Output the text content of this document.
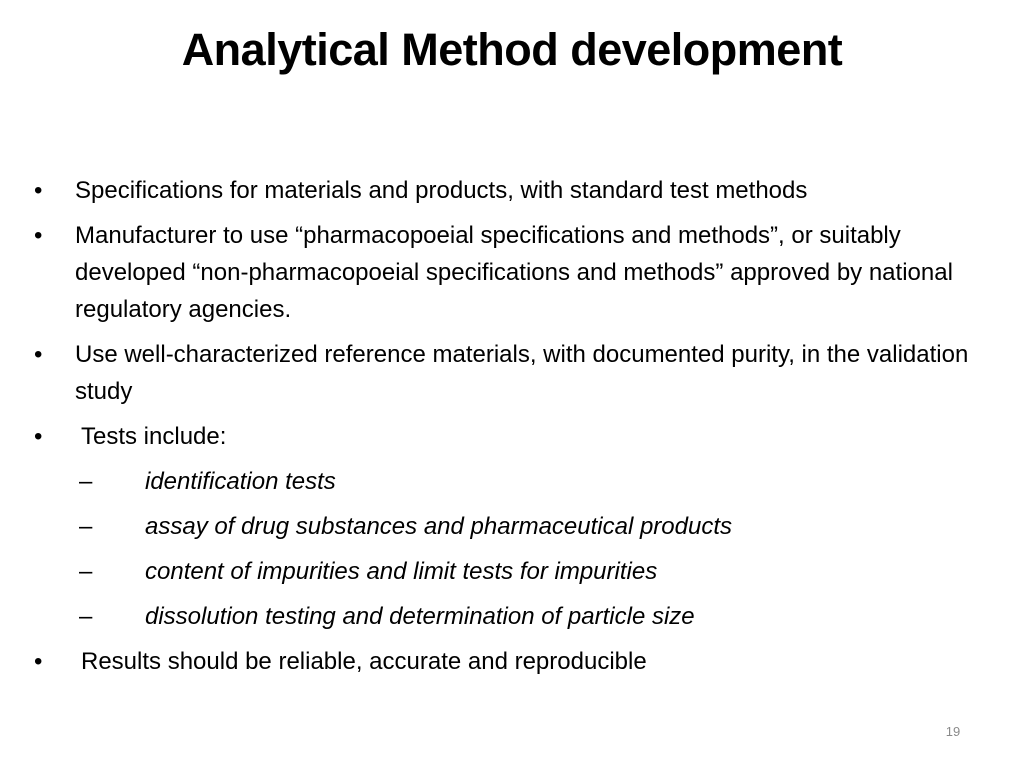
Analytical Method development
•	Specifications for materials and products, with standard test methods
•	Manufacturer to use “pharmacopoeial specifications and methods”, or suitably developed “non-pharmacopoeial specifications and methods” approved by national regulatory agencies.
•	Use well-characterized reference materials, with documented purity, in the validation study
•	Tests include:
– identification tests
– assay of drug substances and pharmaceutical products
– content of impurities and limit tests for impurities
– dissolution testing and determination of particle size
•	Results should be reliable, accurate and reproducible
19
